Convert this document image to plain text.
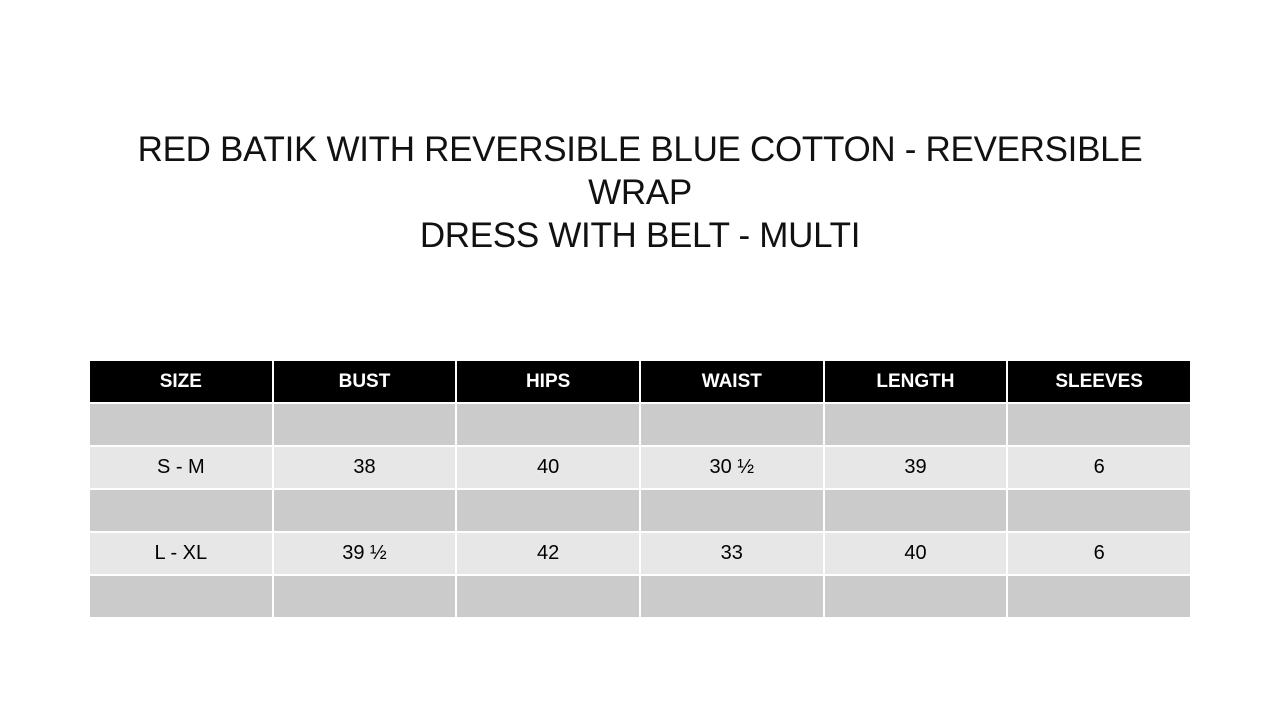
RED BATIK WITH REVERSIBLE BLUE COTTON - REVERSIBLE WRAP
DRESS WITH BELT - MULTI
SIZE	BUST	HIPS	WAIST	LENGTH	SLEEVES

S - M	38	40	30 ½	39	6

L - XL	39 ½	42	33	40	6
